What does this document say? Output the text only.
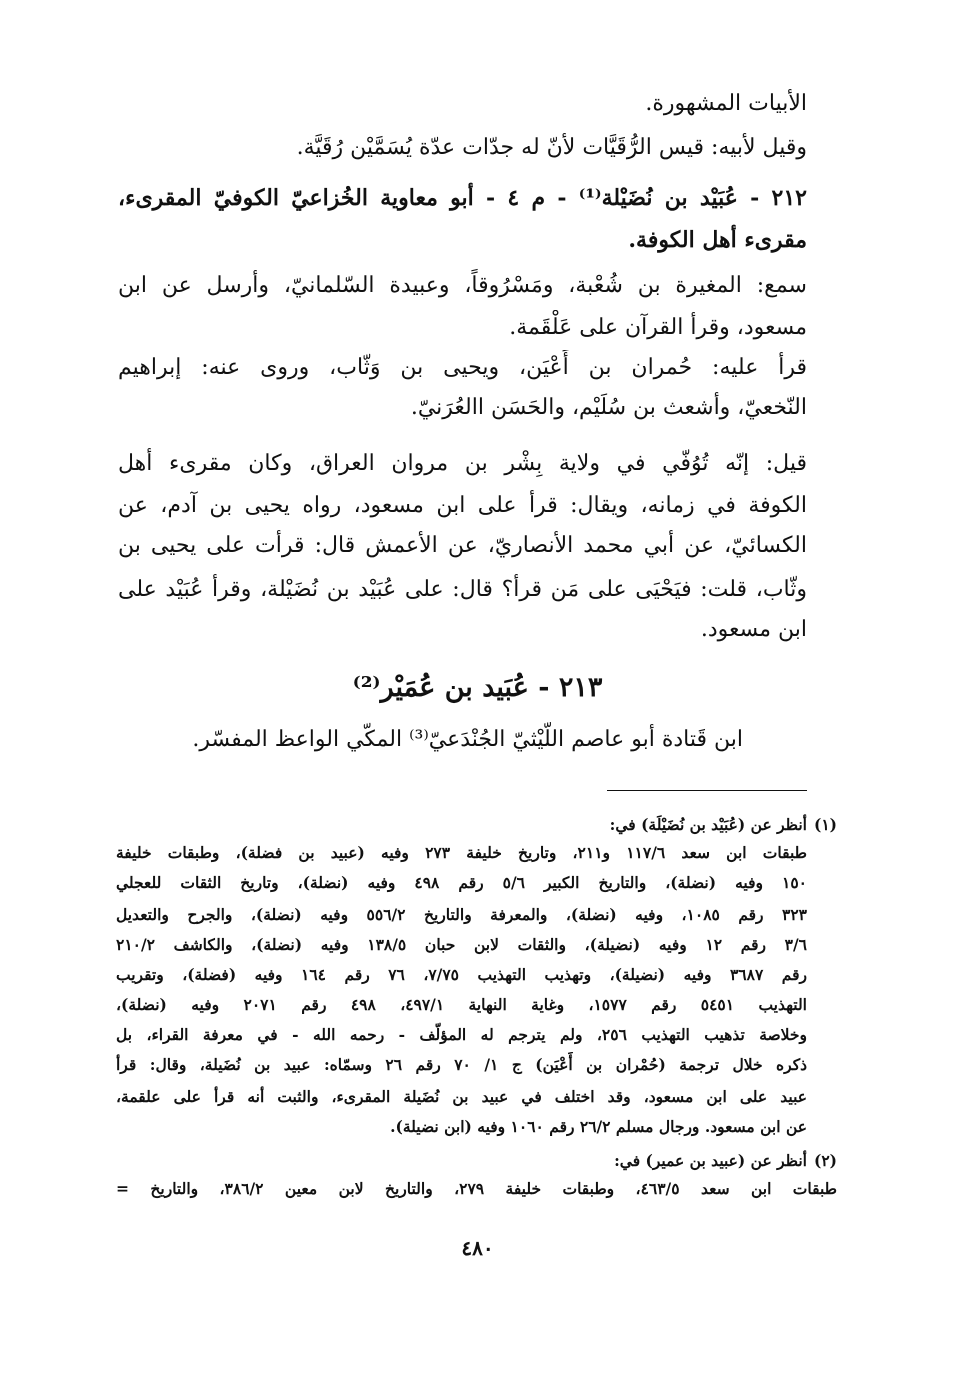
الأبيات المشهورة.
وقيل لأبيه: قيس الرُّقَيَّات لأنّ له جدّات عدّة يُسَمَّيْن رُقَيَّة.
٢١٢ - عُبَيْد بن نُضَيْلة⁽¹⁾ - م ٤ - أبو معاوية الخُزاعيّ الكوفيّ المقرىء،
مقرىء أهل الكوفة.
سمع: المغيرة بن شُعْبة، ومَسْرُوقاً، وعبيدة السّلمانيّ، وأرسل عن ابن
مسعود، وقرأ القرآن على عَلْقَمة.
قرأ عليه: حُمران بن أَعْيَن، ويحيى بن وَثّاب، وروى عنه: إبراهيم
النّخعيّ، وأشعث بن سُلَيْم، والحَسَن االعُرَنيّ.
قيل: إنّه تُوُفّي في ولاية بِشْر بن مروان العراق، وكان مقرىء أهل
الكوفة في زمانه، ويقال: قرأ على ابن مسعود، رواه يحيى بن آدم، عن
الكسائيّ، عن أبي محمد الأنصاريّ، عن الأعمش قال: قرأت على يحيى بن
وثّاب، قلت: فيَحْيَى على مَن قرأ؟ قال: على عُبَيْد بن نُضَيْلة، وقرأ عُبَيْد على
ابن مسعود.
٢١٣ - عُبَيد بن عُمَيْر⁽²⁾
ابن قَتادة أبو عاصم اللّيْثيّ الجُنْدَعيّ⁽³⁾ المكّي الواعظ المفسّر.
(١)
أنظر عن (عُبَيْد بن نُضَيْلَة) في:
طبقات ابن سعد ١١٧/٦ و٢١١، وتاريخ خليفة ٢٧٣ وفيه (عبيد بن فضلة)، وطبقات خليفة
١٥٠ وفيه (نضلة)، والتاريخ الكبير ٥/٦ رقم ٤٩٨ وفيه (نضلة)، وتاريخ الثقات للعجلي
٣٢٣ رقم ١٠٨٥، وفيه (نضلة)، والمعرفة والتاريخ ٥٥٦/٢ وفيه (نضلة)، والجرح والتعديل
٣/٦ رقم ١٢ وفيه (نضيلة)، والثقات لابن حبان ١٣٨/٥ وفيه (نضلة)، والكاشف ٢١٠/٢
رقم ٣٦٨٧ وفيه (نضيلة)، وتهذيب التهذيب ٧/٧٥، ٧٦ رقم ١٦٤ وفيه (فضلة)، وتقريب
التهذيب ٥٤٥١ رقم ١٥٧٧، وغاية النهاية ٤٩٧/١، ٤٩٨ رقم ٢٠٧١ وفيه (نضلة)،
وخلاصة تذهيب التهذيب ٢٥٦، ولم يترجم له المؤلّف - رحمه الله - في معرفة القراء، بل
ذكره خلال ترجمة (حُمْران بن أَعْيَن) ج ١/ ٧٠ رقم ٢٦ وسمّاه: عبيد بن نُضَيلة، وقال: قرأ
عبيد على ابن مسعود، وقد اختلف في عبيد بن نُضَيلة المقرىء، والثبت أنه قرأ على علقمة،
عن ابن مسعود. ورجال مسلم ٢٦/٢ رقم ١٠٦٠ وفيه (ابن نضيلة).
(٢)
أنظر عن (عبيد بن عمير) في:
طبقات ابن سعد ٤٦٣/٥، وطبقات خليفة ٢٧٩، والتاريخ لابن معين ٣٨٦/٢، والتاريخ =
٤٨٠
